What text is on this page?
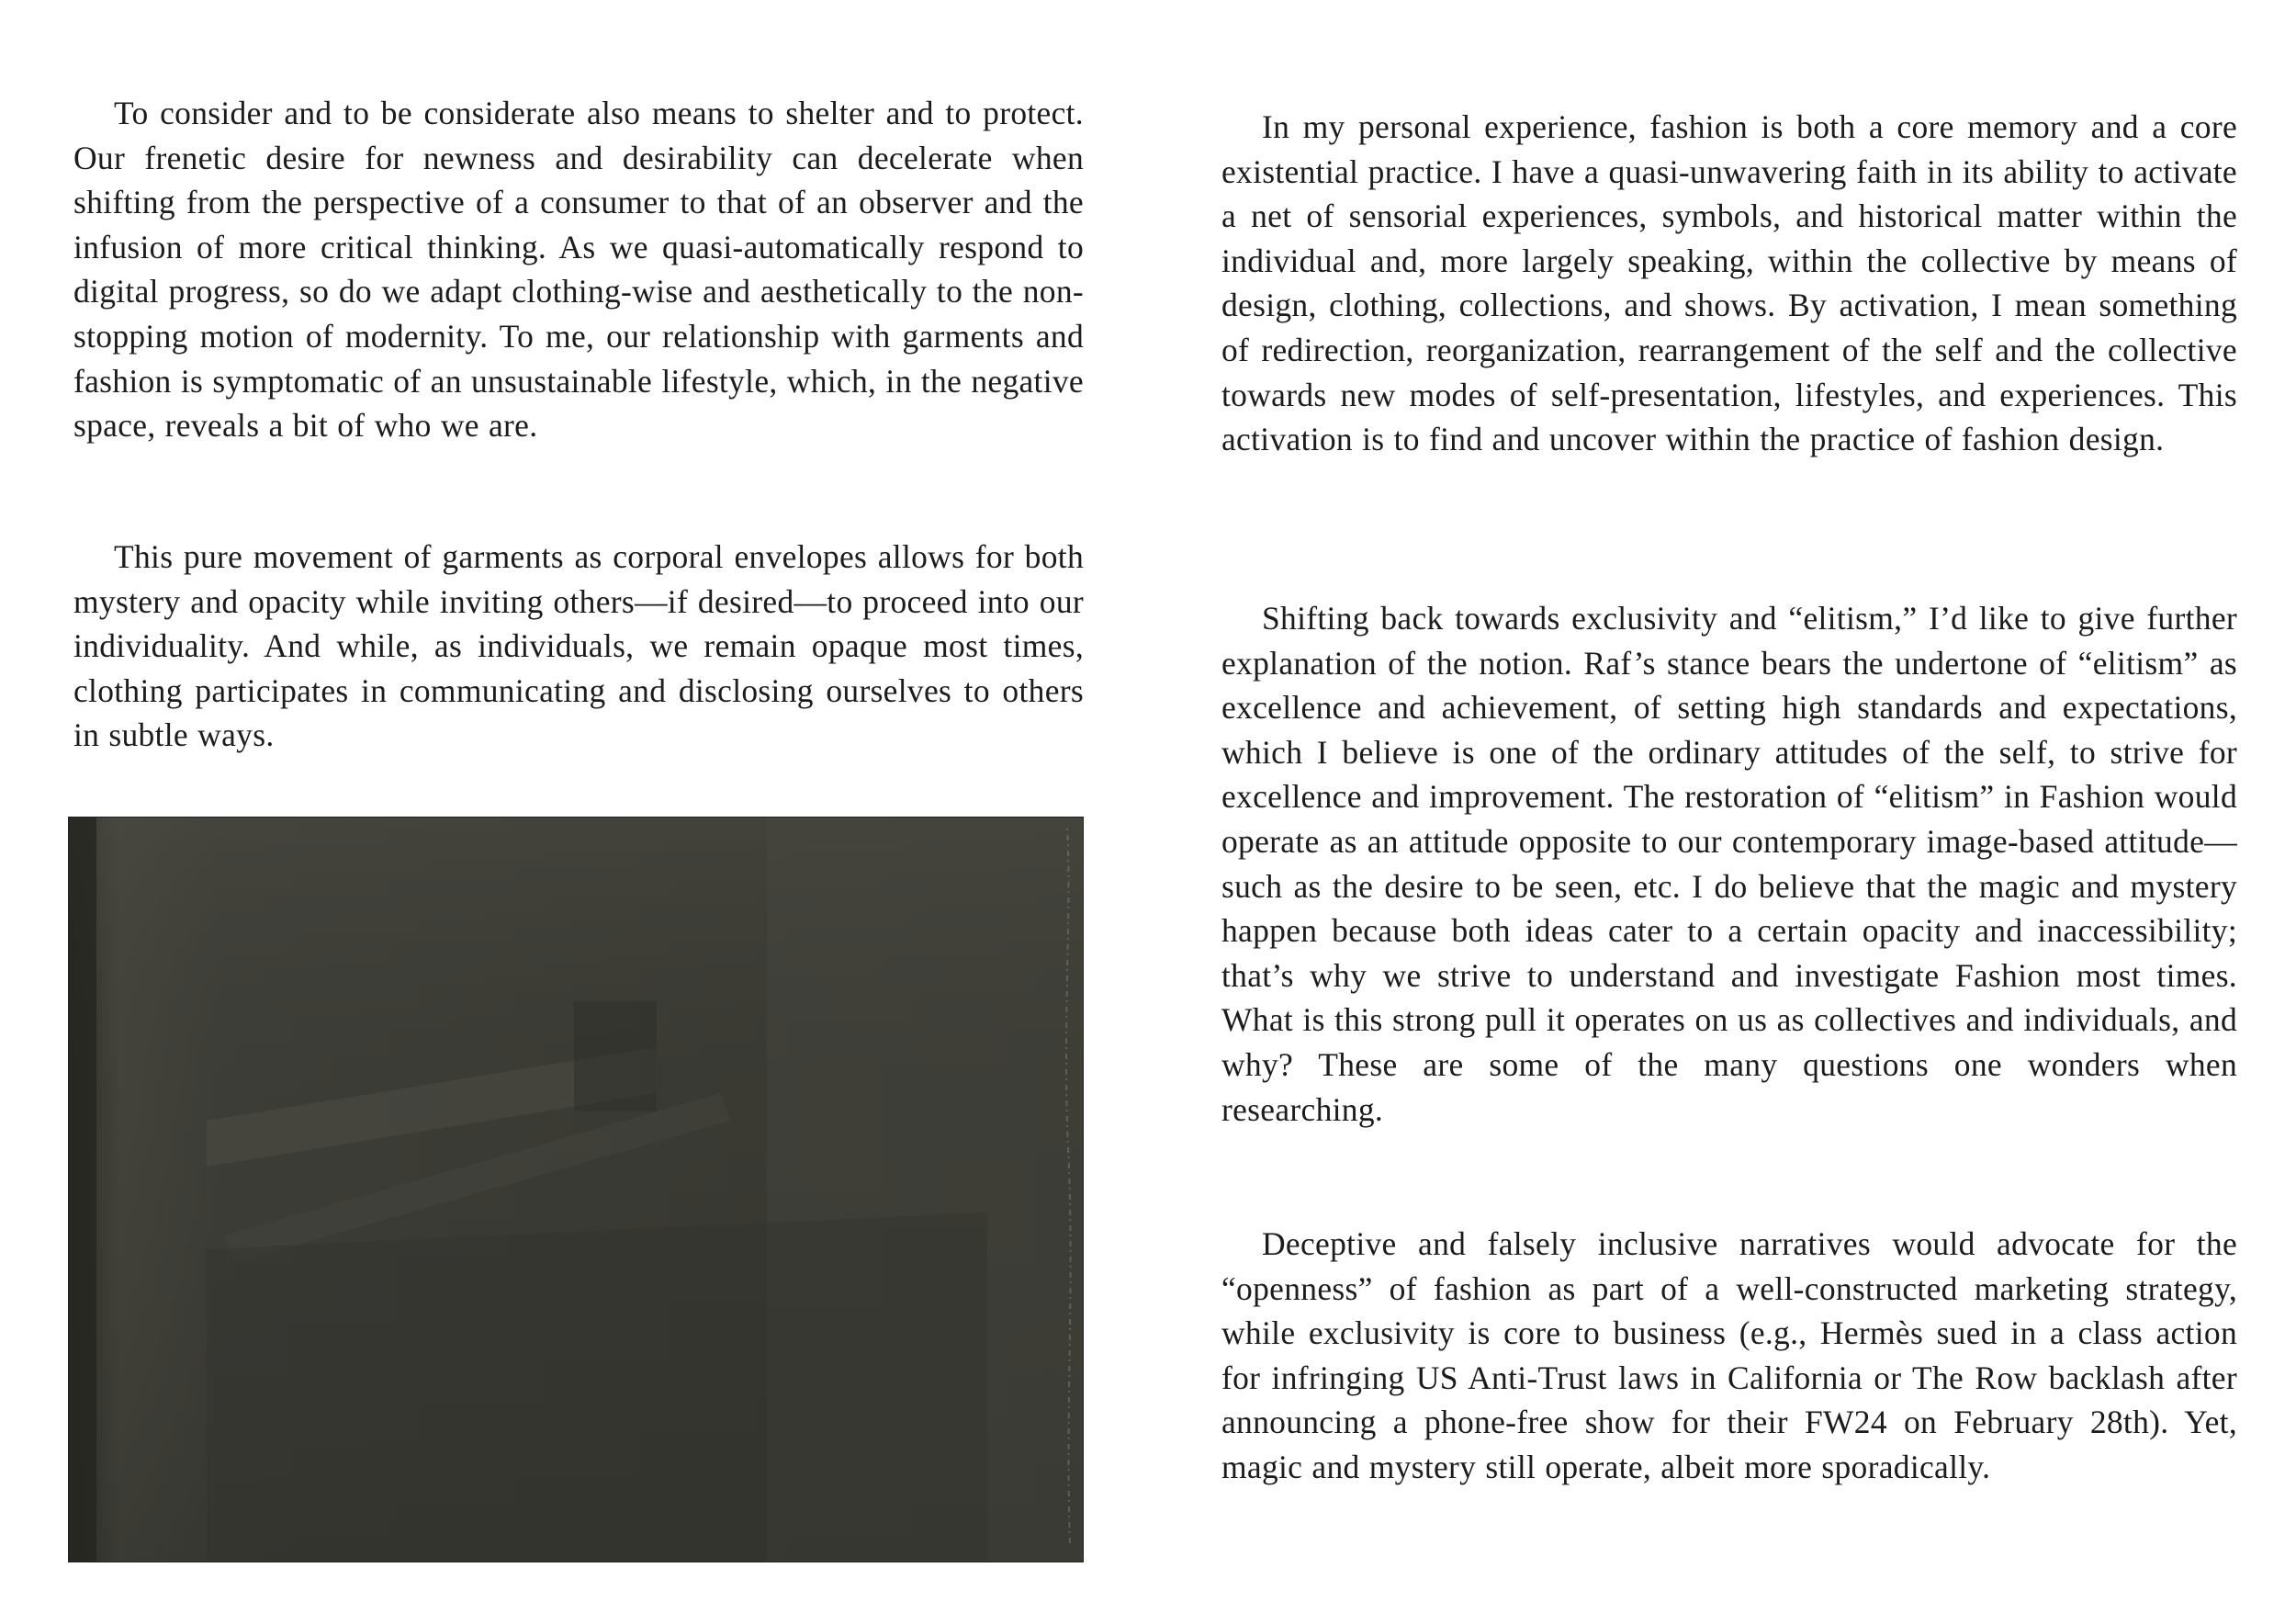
To consider and to be considerate also means to shelter and to protect. Our frenetic desire for newness and desirability can decelerate when shifting from the perspective of a consumer to that of an observer and the infusion of more critical thinking. As we quasi-automatically respond to digital progress, so do we adapt clothing-wise and aesthetically to the non-stopping motion of modernity. To me, our relationship with garments and fashion is symptomatic of an unsustainable lifestyle, which, in the negative space, reveals a bit of who we are.

This pure movement of garments as corporal envelopes allows for both mystery and opacity while inviting others—if desired—to proceed into our individuality. And while, as individuals, we remain opaque most times, clothing participates in communicating and disclosing ourselves to others in subtle ways.

In my personal experience, fashion is both a core memory and a core existential practice. I have a quasi-unwavering faith in its ability to activate a net of sensorial experiences, symbols, and historical matter within the individual and, more largely speaking, within the collective by means of design, clothing, collections, and shows. By activation, I mean something of redirection, reorganization, rearrangement of the self and the collective towards new modes of self-presentation, lifestyles, and experiences. This activation is to find and uncover within the practice of fashion design.

Shifting back towards exclusivity and “elitism,” I’d like to give further explanation of the notion. Raf’s stance bears the undertone of “elitism” as excellence and achievement, of setting high standards and expectations, which I believe is one of the ordinary attitudes of the self, to strive for excellence and improvement. The restoration of “elitism” in Fashion would operate as an attitude opposite to our contemporary image-based attitude—such as the desire to be seen, etc. I do believe that the magic and mystery happen because both ideas cater to a certain opacity and inaccessibility; that’s why we strive to understand and investigate Fashion most times. What is this strong pull it operates on us as collectives and individuals, and why? These are some of the many questions one wonders when researching.

Deceptive and falsely inclusive narratives would advocate for the “openness” of fashion as part of a well-constructed marketing strategy, while exclusivity is core to business (e.g., Hermès sued in a class action for infringing US Anti-Trust laws in California or The Row backlash after announcing a phone-free show for their FW24 on February 28th). Yet, magic and mystery still operate, albeit more sporadically.
